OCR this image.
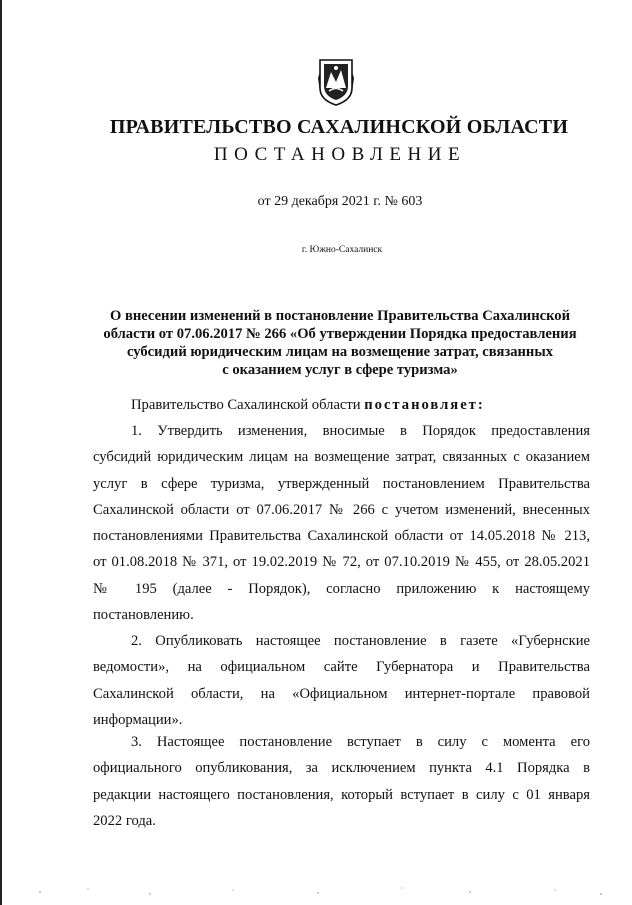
ПРАВИТЕЛЬСТВО САХАЛИНСКОЙ ОБЛАСТИ
ПОСТАНОВЛЕНИЕ
от 29 декабря 2021 г. № 603
г. Южно-Сахалинск
О внесении изменений в постановление Правительства Сахалинской
области от 07.06.2017 № 266 «Об утверждении Порядка предоставления
субсидий юридическим лицам на возмещение затрат, связанных
с оказанием услуг в сфере туризма»
Правительство Сахалинской области постановляет:
1. Утвердить изменения, вносимые в Порядок предоставления
субсидий юридическим лицам на возмещение затрат, связанных с оказанием
услуг в сфере туризма, утвержденный постановлением Правительства
Сахалинской области от 07.06.2017 № 266 с учетом изменений, внесенных
постановлениями Правительства Сахалинской области от 14.05.2018 № 213,
от 01.08.2018 № 371, от 19.02.2019 № 72, от 07.10.2019 № 455, от 28.05.2021
№ 195 (далее - Порядок), согласно приложению к настоящему
постановлению.
2. Опубликовать настоящее постановление в газете «Губернские
ведомости», на официальном сайте Губернатора и Правительства
Сахалинской области, на «Официальном интернет-портале правовой
информации».
3. Настоящее постановление вступает в силу с момента его
официального опубликования, за исключением пункта 4.1 Порядка в
редакции настоящего постановления, который вступает в силу с 01 января
2022 года.
